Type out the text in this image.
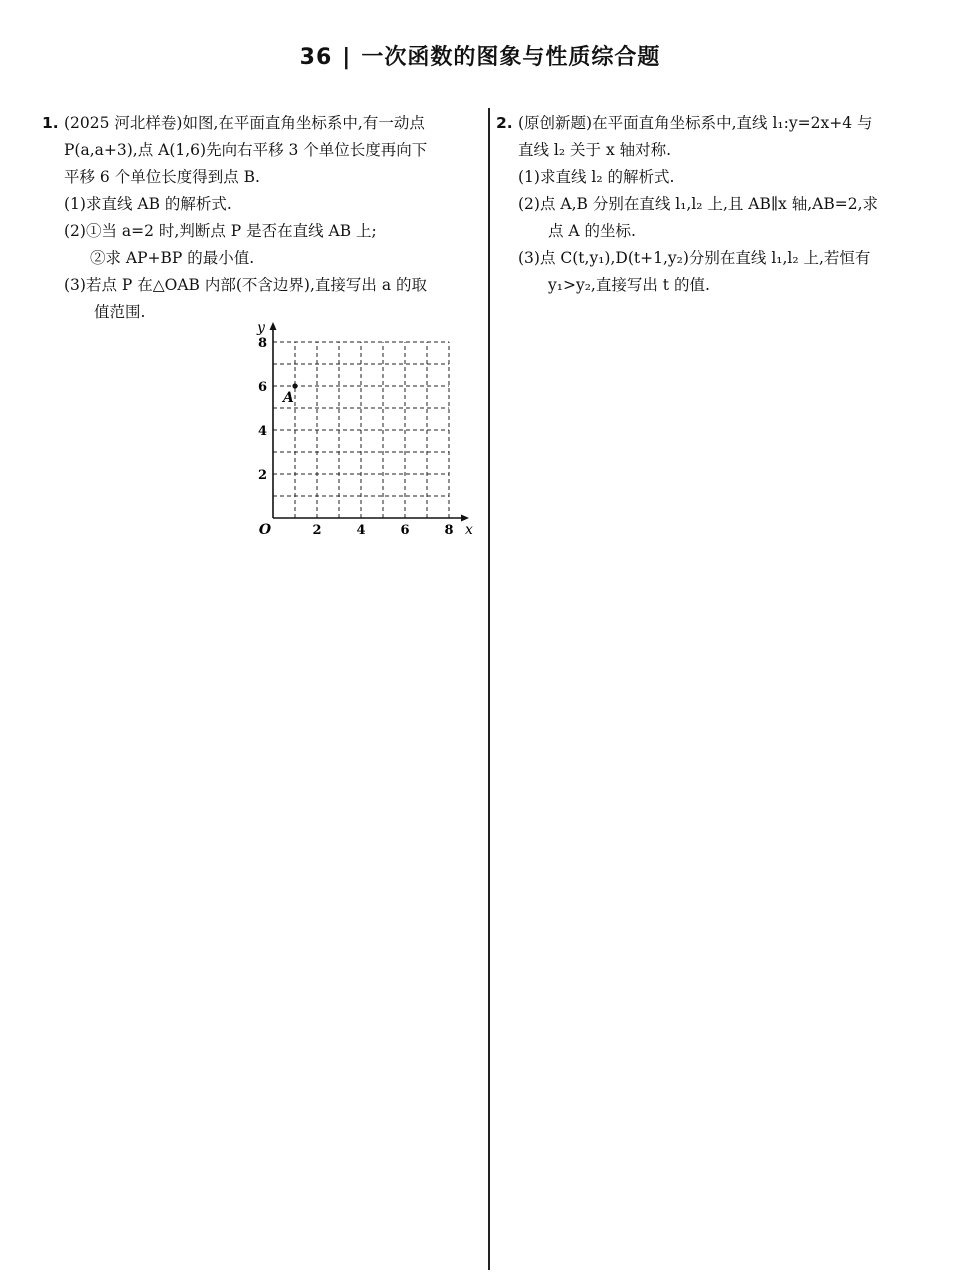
36 | 一次函数的图象与性质综合题
1. (2025 河北样卷)如图,在平面直角坐标系中,有一动点
P(a,a+3),点 A(1,6)先向右平移 3 个单位长度再向下
平移 6 个单位长度得到点 B.
(1)求直线 AB 的解析式.
(2)①当 a=2 时,判断点 P 是否在直线 AB 上;
②求 AP+BP 的最小值.
(3)若点 P 在△OAB 内部(不含边界),直接写出 a 的取
值范围.
2	4	6	8
2
4
6
8
x
y
O
A
2. (原创新题)在平面直角坐标系中,直线 l₁:y=2x+4 与
直线 l₂ 关于 x 轴对称.
(1)求直线 l₂ 的解析式.
(2)点 A,B 分别在直线 l₁,l₂ 上,且 AB∥x 轴,AB=2,求
点 A 的坐标.
(3)点 C(t,y₁),D(t+1,y₂)分别在直线 l₁,l₂ 上,若恒有
y₁>y₂,直接写出 t 的值.
